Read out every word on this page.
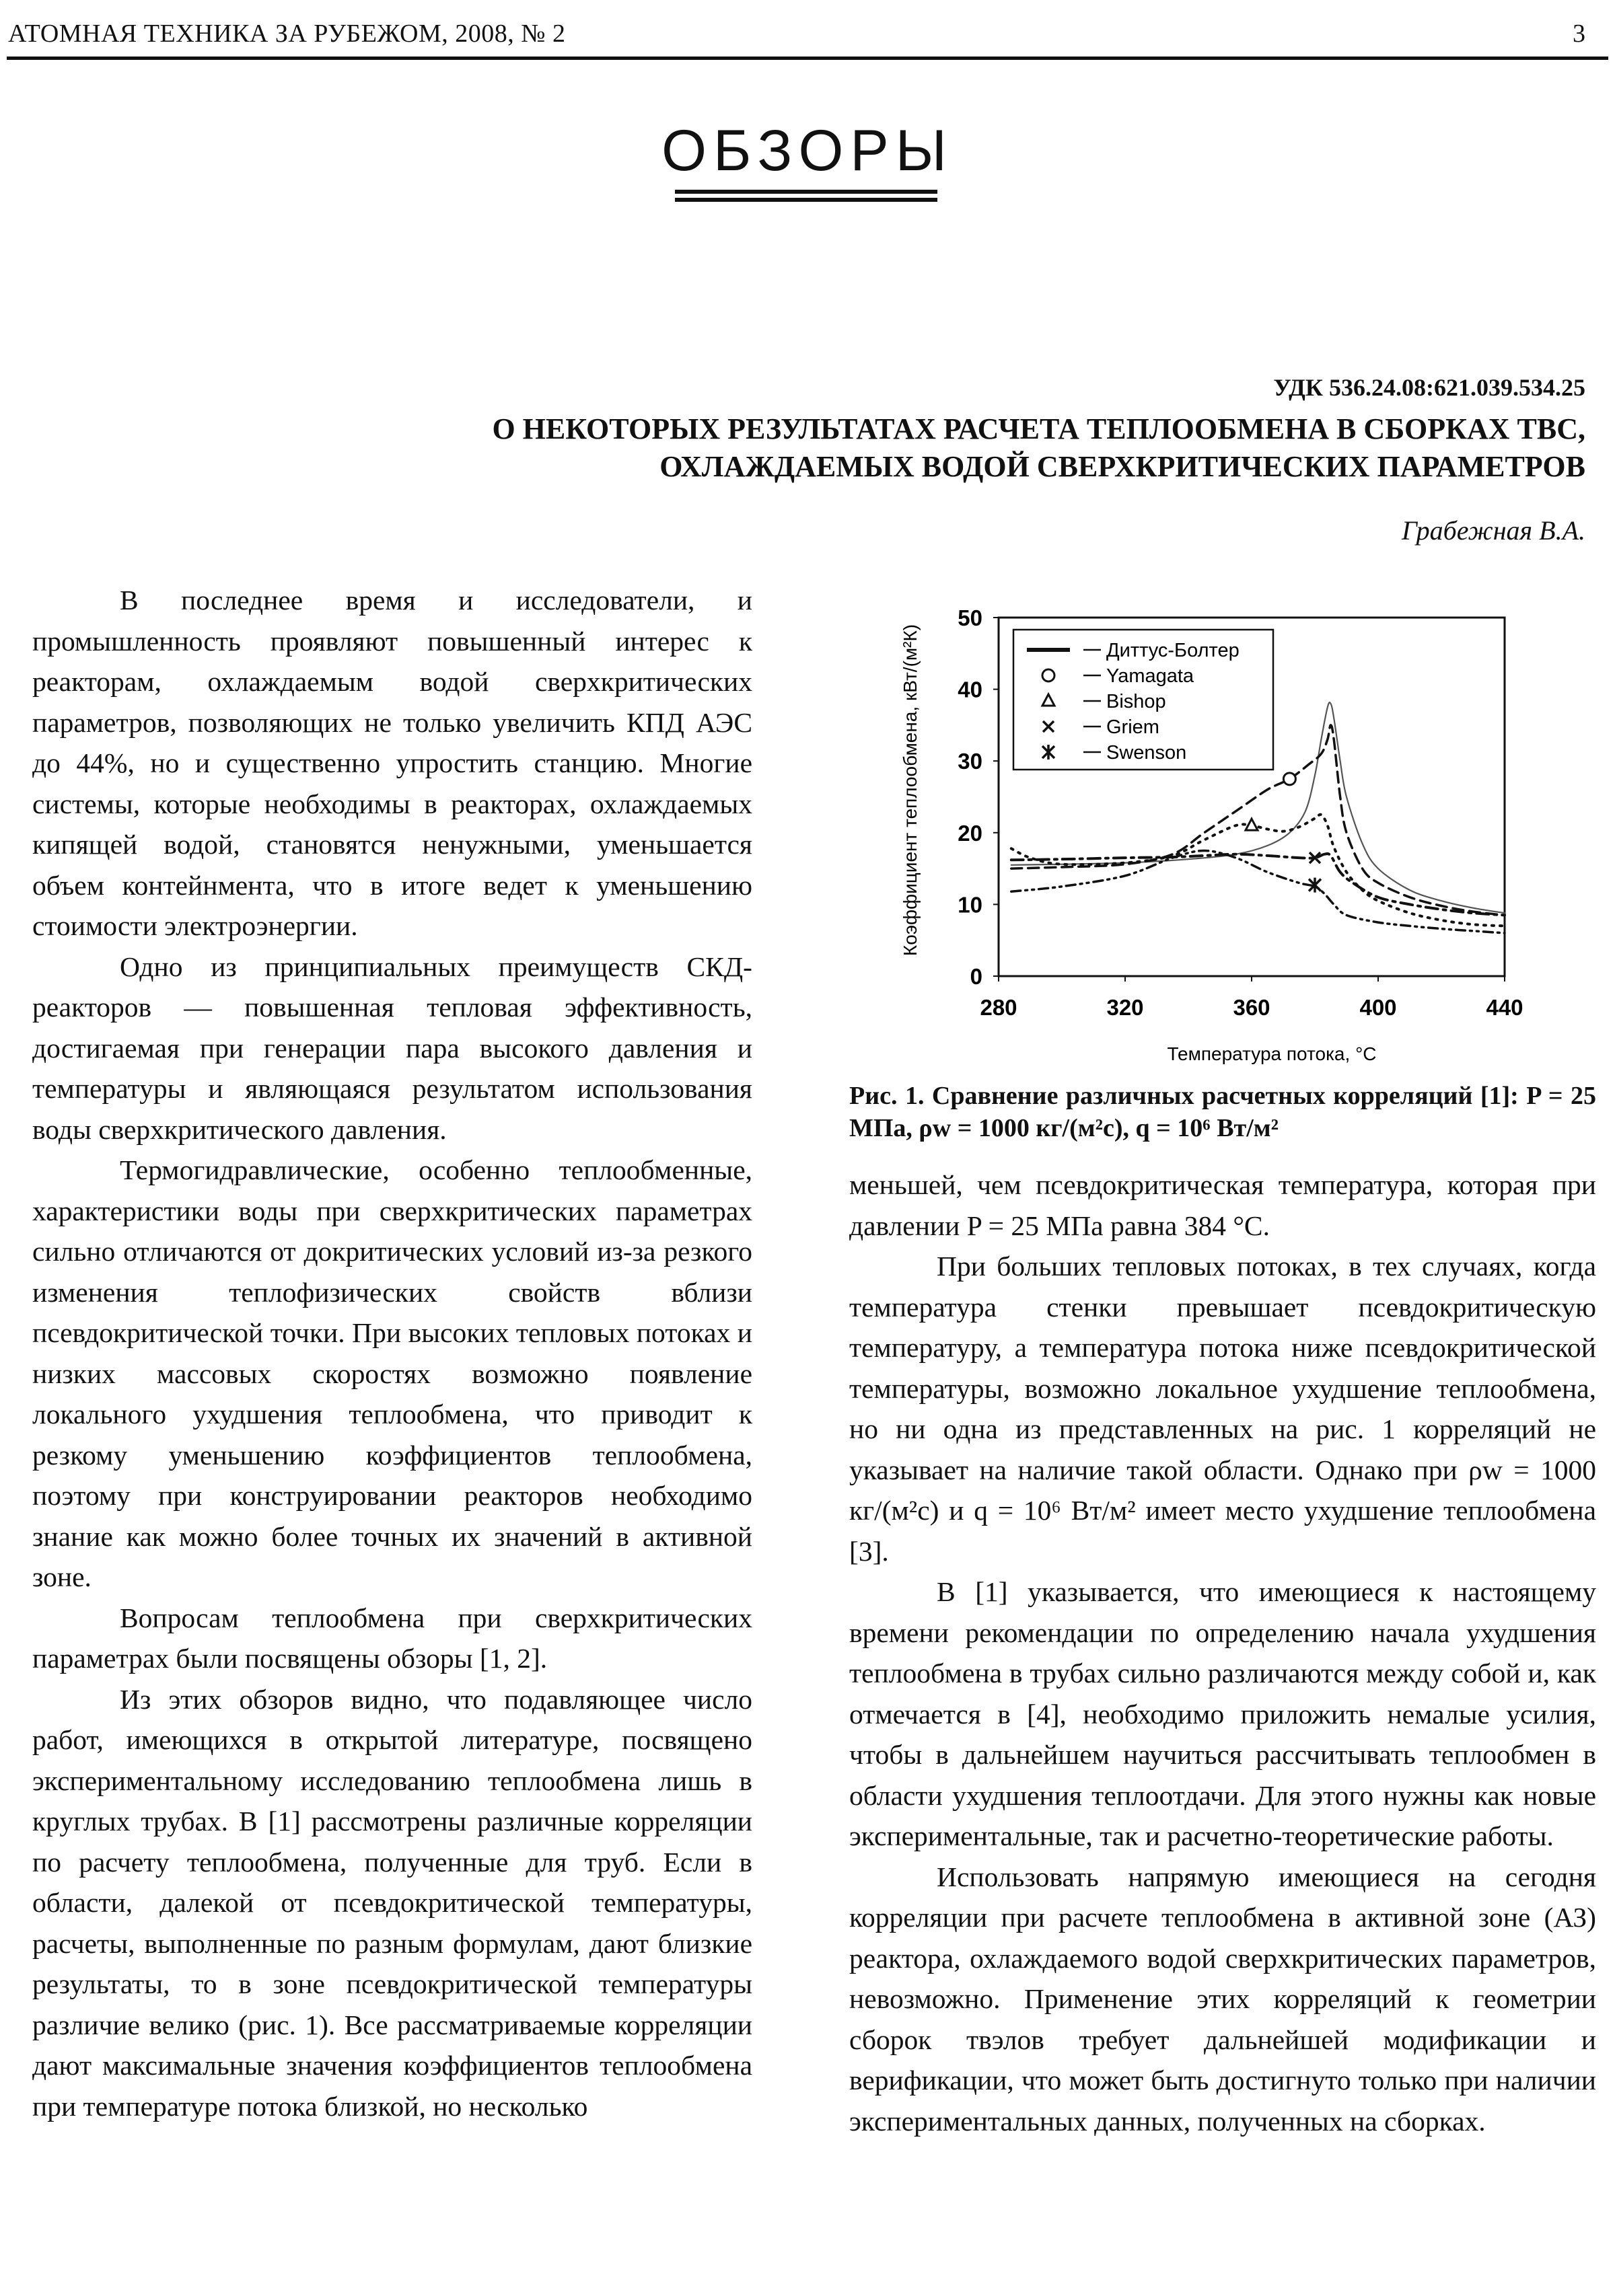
АТОМНАЯ ТЕХНИКА ЗА РУБЕЖОМ, 2008, № 2	3
ОБЗОРЫ
УДК 536.24.08:621.039.534.25
О НЕКОТОРЫХ РЕЗУЛЬТАТАХ РАСЧЕТА ТЕПЛООБМЕНА В СБОРКАХ ТВС,
ОХЛАЖДАЕМЫХ ВОДОЙ СВЕРХКРИТИЧЕСКИХ ПАРАМЕТРОВ
Грабежная В.А.

В последнее время и исследователи, и промышленность проявляют повышенный интерес к реакторам, охлаждаемым водой сверхкритических параметров, позволяющих не только увеличить КПД АЭС до 44%, но и существенно упростить станцию. Многие системы, которые необходимы в реакторах, охлаждаемых кипящей водой, становятся ненужными, уменьшается объем контейнмента, что в итоге ведет к уменьшению стоимости электроэнергии.

Одно из принципиальных преимуществ СКД-реакторов — повышенная тепловая эффективность, достигаемая при генерации пара высокого давления и температуры и являющаяся результатом использования воды сверхкритического давления.

Термогидравлические, особенно теплообменные, характеристики воды при сверхкритических параметрах сильно отличаются от докритических условий из-за резкого изменения теплофизических свойств вблизи псевдокритической точки. При высоких тепловых потоках и низких массовых скоростях возможно появление локального ухудшения теплообмена, что приводит к резкому уменьшению коэффициентов теплообмена, поэтому при конструировании реакторов необходимо знание как можно более точных их значений в активной зоне.

Вопросам теплообмена при сверхкритических параметрах были посвящены обзоры [1, 2].

Из этих обзоров видно, что подавляющее число работ, имеющихся в открытой литературе, посвящено экспериментальному исследованию теплообмена лишь в круглых трубах. В [1] рассмотрены различные корреляции по расчету теплообмена, полученные для труб. Если в области, далекой от псевдокритической температуры, расчеты, выполненные по разным формулам, дают близкие результаты, то в зоне псевдокритической температуры различие велико (рис. 1). Все рассматриваемые корреляции дают максимальные значения коэффициентов теплообмена при температуре потока близкой, но несколько

0
10
20
30
40
50
280	320	360	400	440
Температура потока, °С
Коэффициент теплообмена, кВт/(м²К)	Диттус-Болтер
Yamagata
Bishop
Griem
Swenson
Рис. 1. Сравнение различных расчетных корреляций [1]: P = 25 МПа, ρw = 1000 кг/(м²с), q = 10⁶ Вт/м²

меньшей, чем псевдокритическая температура, которая при давлении P = 25 МПа равна 384 °С.

При больших тепловых потоках, в тех случаях, когда температура стенки превышает псевдокритическую температуру, а температура потока ниже псевдокритической температуры, возможно локальное ухудшение теплообмена, но ни одна из представленных на рис. 1 корреляций не указывает на наличие такой области. Однако при ρw = 1000 кг/(м²с) и q = 10⁶ Вт/м² имеет место ухудшение теплообмена [3].

В [1] указывается, что имеющиеся к настоящему времени рекомендации по определению начала ухудшения теплообмена в трубах сильно различаются между собой и, как отмечается в [4], необходимо приложить немалые усилия, чтобы в дальнейшем научиться рассчитывать теплообмен в области ухудшения теплоотдачи. Для этого нужны как новые экспериментальные, так и расчетно-теоретические работы.

Использовать напрямую имеющиеся на сегодня корреляции при расчете теплообмена в активной зоне (АЗ) реактора, охлаждаемого водой сверхкритических параметров, невозможно. Применение этих корреляций к геометрии сборок твэлов требует дальнейшей модификации и верификации, что может быть достигнуто только при наличии экспериментальных данных, полученных на сборках.
